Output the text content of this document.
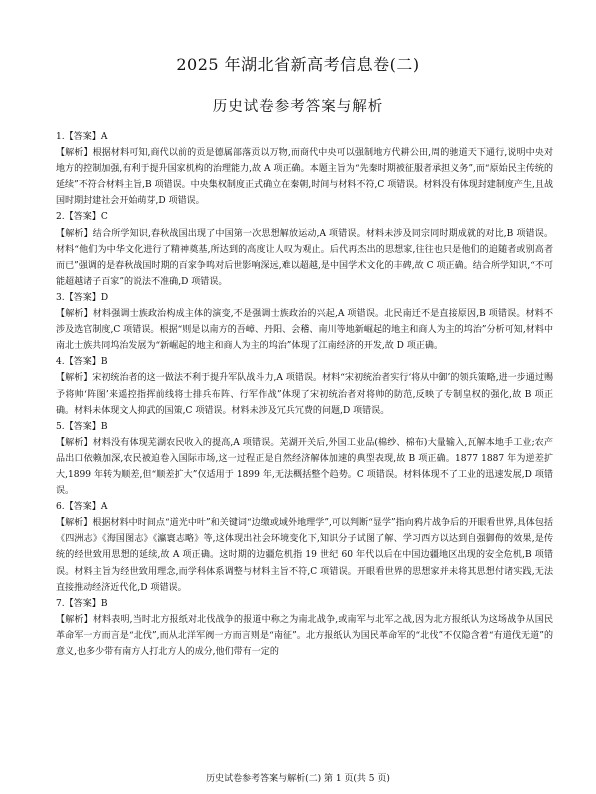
2025 年湖北省新高考信息卷(二)
历史试卷参考答案与解析
1.【答案】A
【解析】根据材料可知,商代以前的贡是德属部落贡以万物,而商代中央可以强制地方代耕公田,周的驰道天下通行,说明中央对地方的控制加强,有利于提升国家机构的治理能力,故 A 项正确。本题主旨为“先秦时期被征服者承担义务”,而“原始民主传统的延续”不符合材料主旨,B 项错误。中央集权制度正式确立在秦朝,时间与材料不符,C 项错误。材料没有体现封建制度产生,且战国时期封建社会开始萌芽,D 项错误。
2.【答案】C
【解析】结合所学知识,春秋战国出现了中国第一次思想解放运动,A 项错误。材料未涉及同宗同时期成就的对比,B 项错误。材料“他们为中华文化进行了精神奠基,所达到的高度让人叹为观止。后代再杰出的思想家,往往也只是他们的追随者或别高者而已”强调的是春秋战国时期的百家争鸣对后世影响深远,难以超越,是中国学术文化的丰碑,故 C 项正确。结合所学知识,“不可能超越诸子百家”的说法不准确,D 项错误。
3.【答案】D
【解析】材料强调士族政治构成主体的演变,不是强调士族政治的兴起,A 项错误。北民南迁不是直接原因,B 项错误。材料不涉及选官制度,C 项错误。根据“则是以南方的吾嶂、丹阳、会稽、南川等地新崛起的地主和商人为主的坞治”分析可知,材料中南北士族共同坞治发展为“新崛起的地主和商人为主的坞治”体现了江南经济的开发,故 D 项正确。
4.【答案】B
【解析】宋初统治者的这一做法不利于提升军队战斗力,A 项错误。材料“宋初统治者实行‘将从中御’的领兵策略,进一步通过赐予将帅‘阵图’来遥控指挥前线将士排兵布阵、行军作战”体现了宋初统治者对将帅的防范,反映了专制皇权的强化,故 B 项正确。材料未体现文人抑武的国策,C 项错误。材料未涉及冗兵冗费的问题,D 项错误。
5.【答案】B
【解析】材料没有体现芜湖农民收入的提高,A 项错误。芜湖开关后,外国工业品(棉纱、棉布)大量输入,瓦解本地手工业;农产品出口依赖加深,农民被迫卷入国际市场,这一过程正是自然经济解体加速的典型表现,故 B 项正确。1877 1887 年为逆差扩大,1899 年转为顺差,但“顺差扩大”仅适用于 1899 年,无法概括整个趋势。C 项错误。材料体现不了工业的迅速发展,D 项错误。
6.【答案】A
【解析】根据材料中时间点“道光中叶”和关键词“边缴或域外地理学”,可以判断“显学”指向鸦片战争后的开眼看世界,具体包括《四洲志》《海国图志》《瀛寰志略》等,这体现出社会环境变化下,知识分子试图了解、学习西方以达到自强御侮的效果,是传统的经世致用思想的延续,故 A 项正确。这时期的边疆危机指 19 世纪 60 年代以后在中国边疆地区出现的安全危机,B 项错误。材料主旨为经世致用理念,而学科体系调整与材料主旨不符,C 项错误。开眼看世界的思想家并未将其思想付诸实践,无法直接推动经济近代化,D 项错误。
7.【答案】B
【解析】材料表明,当时北方报纸对北伐战争的报道中称之为南北战争,或南军与北军之战,因为北方报纸认为这场战争从国民革命军一方而言是“北伐”,而从北洋军阀一方而言则是“南征”。北方报纸认为国民革命军的“北伐”不仅隐含着“有道伐无道”的意义,也多少带有南方人打北方人的成分,他们带有一定的
历史试卷参考答案与解析(二) 第 1 页(共 5 页)
